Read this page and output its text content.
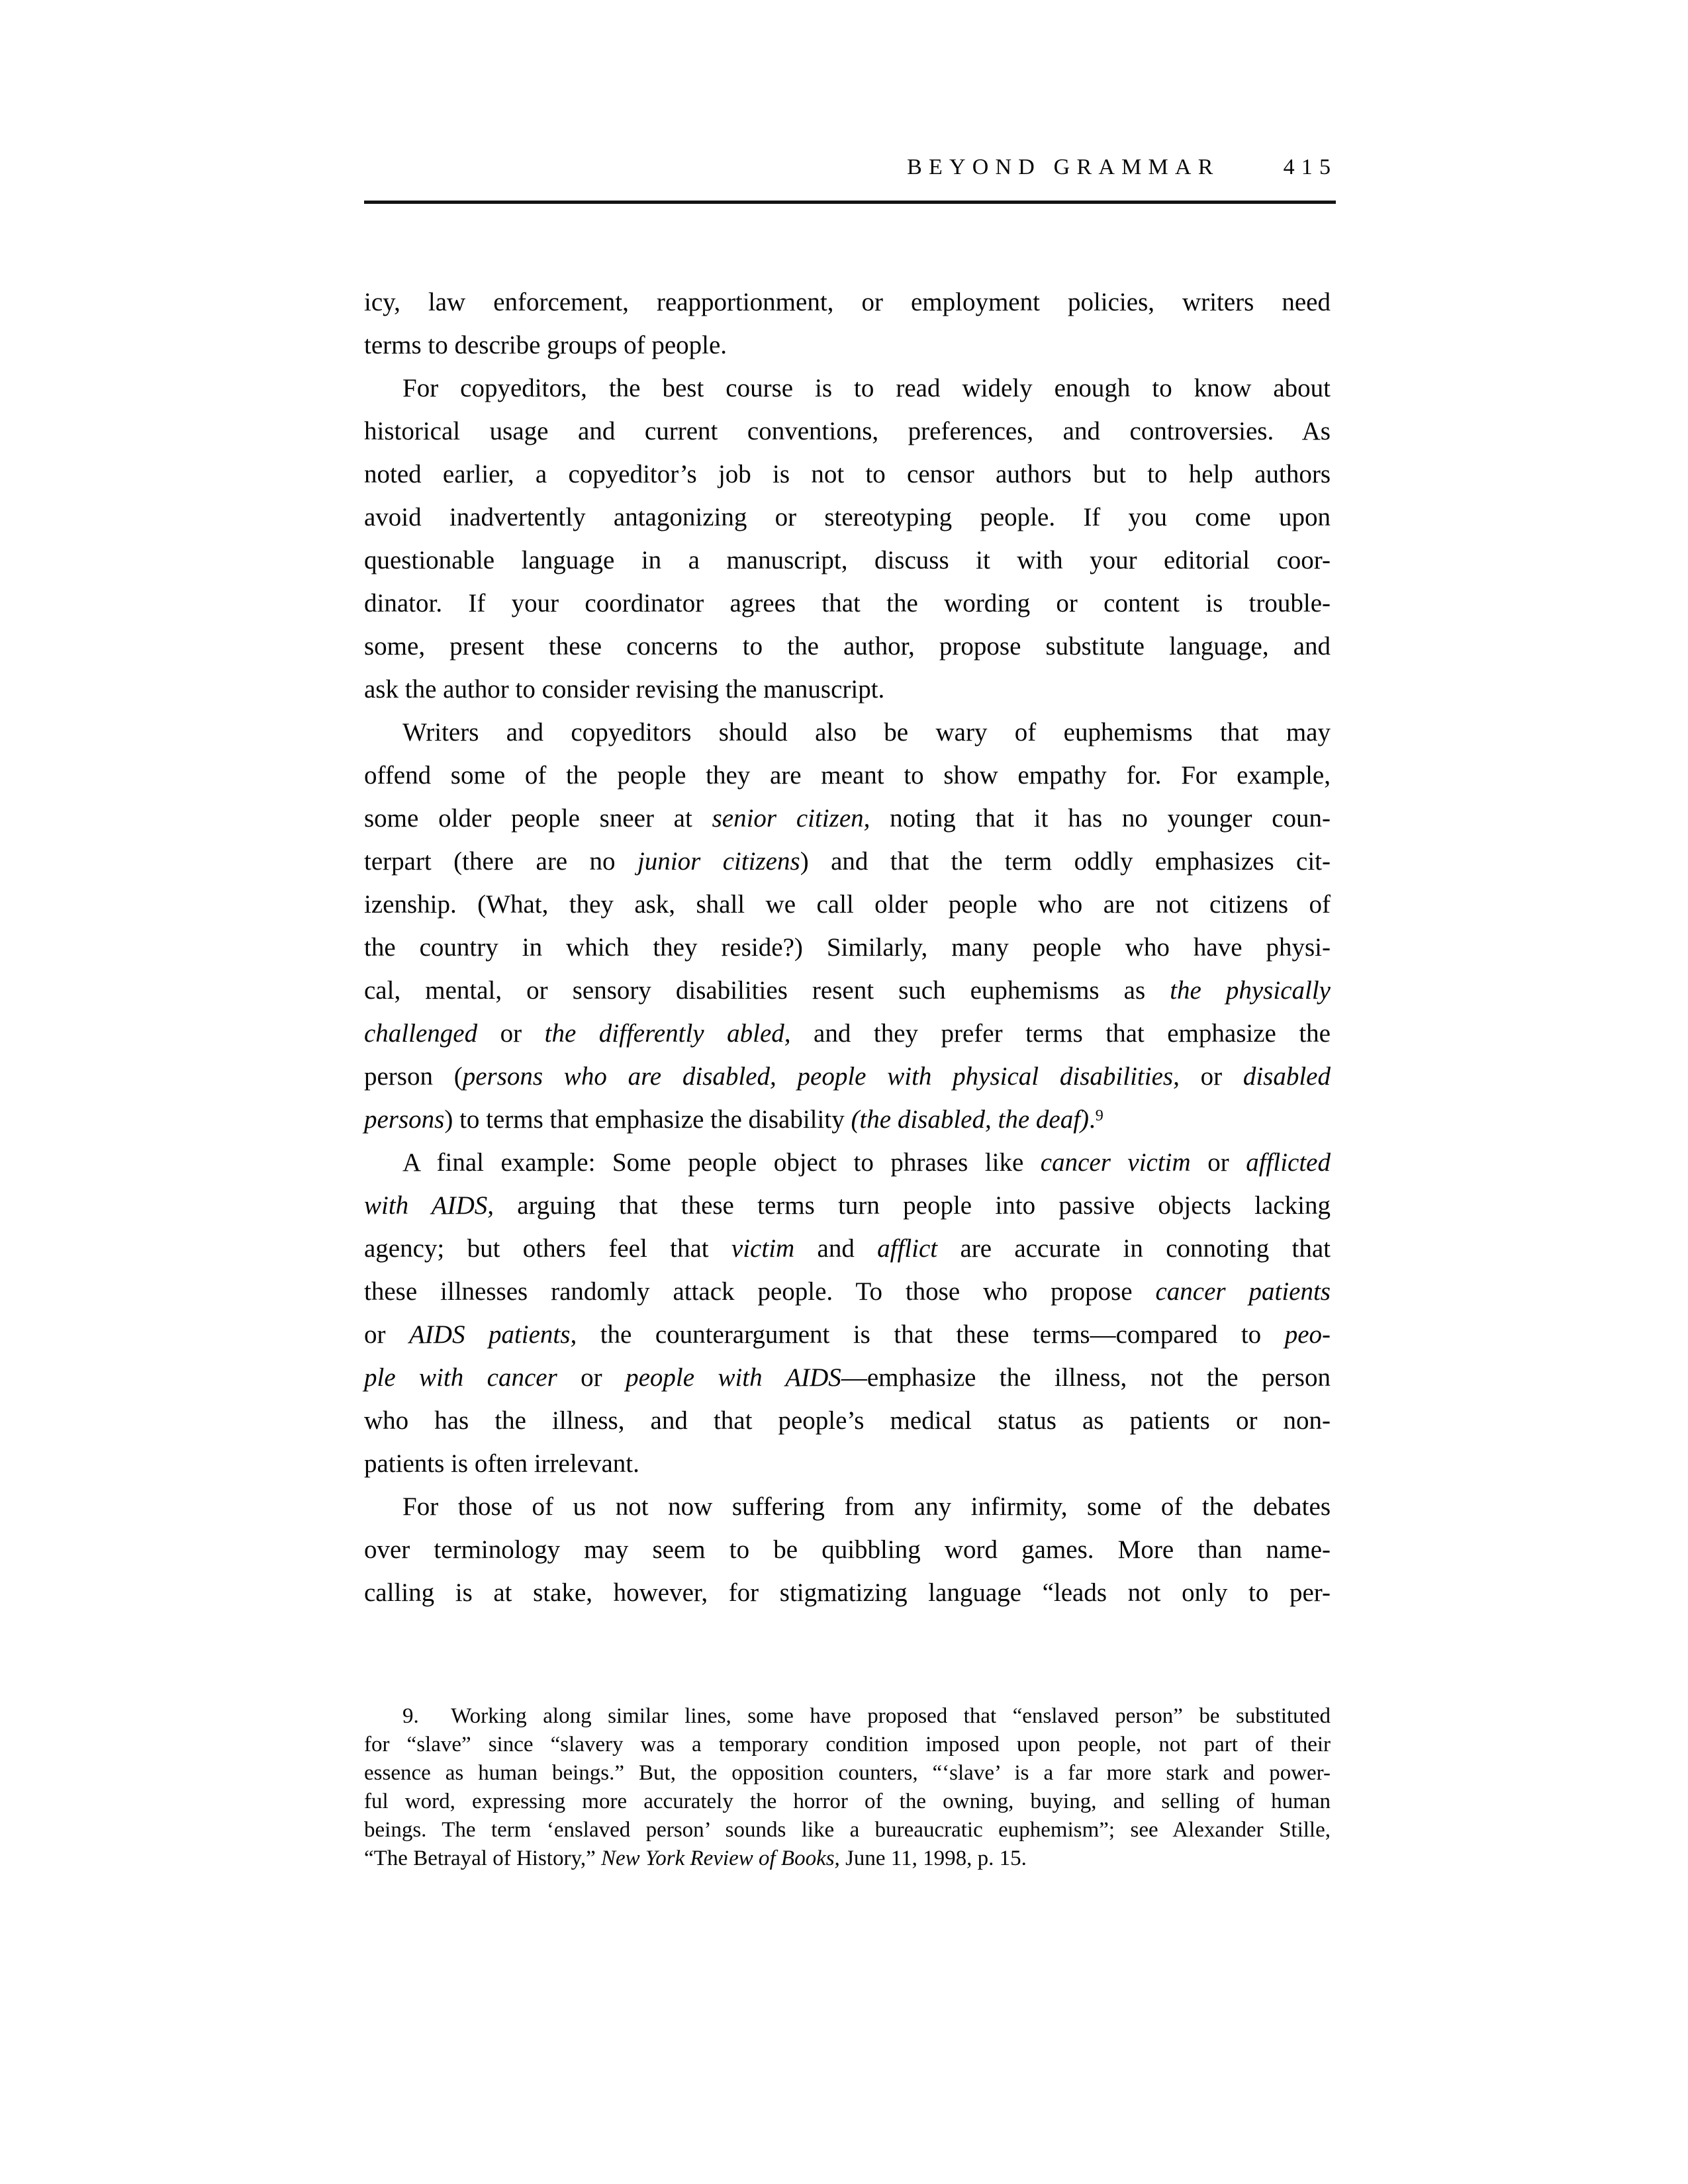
BEYOND GRAMMAR	415
icy, law enforcement, reapportionment, or employment policies, writers need
terms to describe groups of people.
For copyeditors, the best course is to read widely enough to know about
historical usage and current conventions, preferences, and controversies. As
noted earlier, a copyeditor’s job is not to censor authors but to help authors
avoid inadvertently antagonizing or stereotyping people. If you come upon
questionable language in a manuscript, discuss it with your editorial coor-
dinator. If your coordinator agrees that the wording or content is trouble-
some, present these concerns to the author, propose substitute language, and
ask the author to consider revising the manuscript.
Writers and copyeditors should also be wary of euphemisms that may
offend some of the people they are meant to show empathy for. For example,
some older people sneer at senior citizen, noting that it has no younger coun-
terpart (there are no junior citizens) and that the term oddly emphasizes cit-
izenship. (What, they ask, shall we call older people who are not citizens of
the country in which they reside?) Similarly, many people who have physi-
cal, mental, or sensory disabilities resent such euphemisms as the physically
challenged or the differently abled, and they prefer terms that emphasize the
person (persons who are disabled, people with physical disabilities, or disabled
persons) to terms that emphasize the disability (the disabled, the deaf).$^9$
A final example: Some people object to phrases like cancer victim or afflicted
with AIDS, arguing that these terms turn people into passive objects lacking
agency; but others feel that victim and afflict are accurate in connoting that
these illnesses randomly attack people. To those who propose cancer patients
or AIDS patients, the counterargument is that these terms—compared to peo-
ple with cancer or people with AIDS—emphasize the illness, not the person
who has the illness, and that people’s medical status as patients or non-
patients is often irrelevant.
For those of us not now suffering from any infirmity, some of the debates
over terminology may seem to be quibbling word games. More than name-
calling is at stake, however, for stigmatizing language “leads not only to per-
9.  Working along similar lines, some have proposed that “enslaved person” be substituted
for “slave” since “slavery was a temporary condition imposed upon people, not part of their
essence as human beings.” But, the opposition counters, “‘slave’ is a far more stark and power-
ful word, expressing more accurately the horror of the owning, buying, and selling of human
beings. The term ‘enslaved person’ sounds like a bureaucratic euphemism”; see Alexander Stille,
“The Betrayal of History,” New York Review of Books, June 11, 1998, p. 15.
